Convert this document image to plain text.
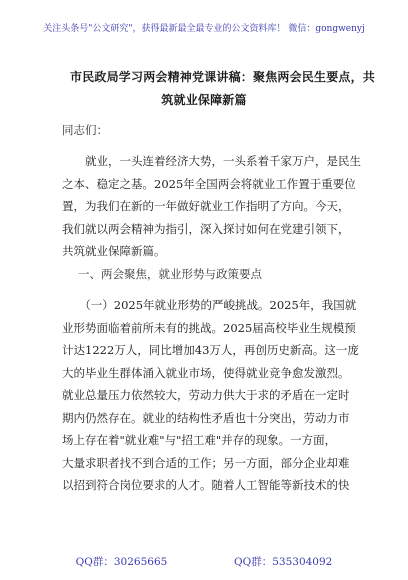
关注头条号"公文研究"，获得最新最全最专业的公文资料库！ 微信：gongwenyj
市民政局学习两会精神党课讲稿：聚焦两会民生要点，共
筑就业保障新篇
同志们：
　　就业，一头连着经济大势，一头系着千家万户，是民生
之本、稳定之基。2025年全国两会将就业工作置于重要位
置，为我们在新的一年做好就业工作指明了方向。今天，
我们就以两会精神为指引，深入探讨如何在党建引领下，
共筑就业保障新篇。
一、两会聚焦，就业形势与政策要点
　　（一）2025年就业形势的严峻挑战。2025年，我国就
业形势面临着前所未有的挑战。2025届高校毕业生规模预
计达1222万人，同比增加43万人，再创历史新高。这一庞
大的毕业生群体涌入就业市场，使得就业竞争愈发激烈。
就业总量压力依然较大，劳动力供大于求的矛盾在一定时
期内仍然存在。就业的结构性矛盾也十分突出，劳动力市
场上存在着"就业难"与"招工难"并存的现象。一方面，
大量求职者找不到合适的工作；另一方面，部分企业却难
以招到符合岗位要求的人才。随着人工智能等新技术的快
QQ群：30265665	QQ群：535304092
